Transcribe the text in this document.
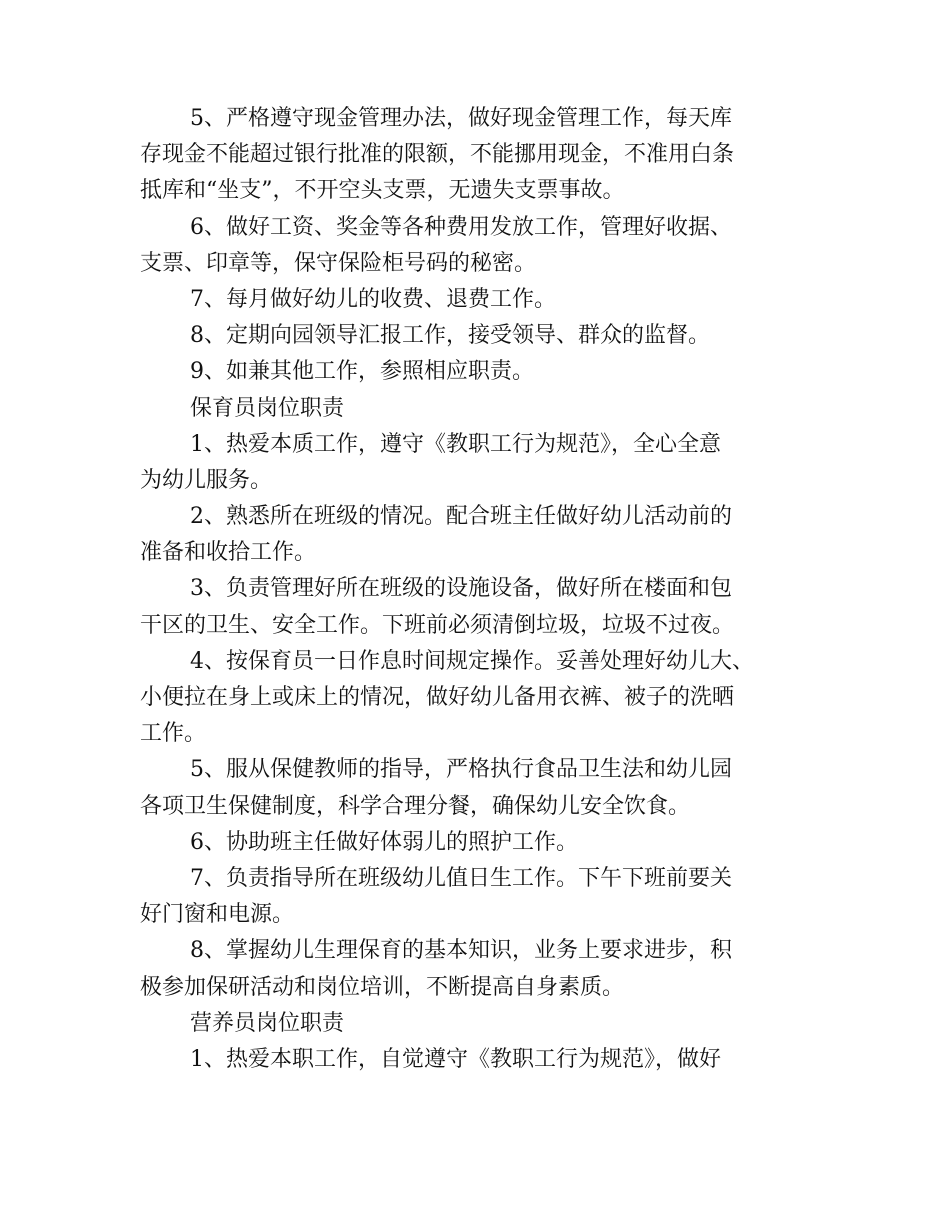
5、严格遵守现金管理办法，做好现金管理工作，每天库
存现金不能超过银行批准的限额，不能挪用现金，不准用白条
抵库和“坐支”，不开空头支票，无遗失支票事故。
6、做好工资、奖金等各种费用发放工作，管理好收据、
支票、印章等，保守保险柜号码的秘密。
7、每月做好幼儿的收费、退费工作。
8、定期向园领导汇报工作，接受领导、群众的监督。
9、如兼其他工作，参照相应职责。
保育员岗位职责
1、热爱本质工作，遵守《教职工行为规范》，全心全意
为幼儿服务。
2、熟悉所在班级的情况。配合班主任做好幼儿活动前的
准备和收拾工作。
3、负责管理好所在班级的设施设备，做好所在楼面和包
干区的卫生、安全工作。下班前必须清倒垃圾，垃圾不过夜。
4、按保育员一日作息时间规定操作。妥善处理好幼儿大、
小便拉在身上或床上的情况，做好幼儿备用衣裤、被子的洗晒
工作。
5、服从保健教师的指导，严格执行食品卫生法和幼儿园
各项卫生保健制度，科学合理分餐，确保幼儿安全饮食。
6、协助班主任做好体弱儿的照护工作。
7、负责指导所在班级幼儿值日生工作。下午下班前要关
好门窗和电源。
8、掌握幼儿生理保育的基本知识，业务上要求进步，积
极参加保研活动和岗位培训，不断提高自身素质。
营养员岗位职责
1、热爱本职工作，自觉遵守《教职工行为规范》，做好
